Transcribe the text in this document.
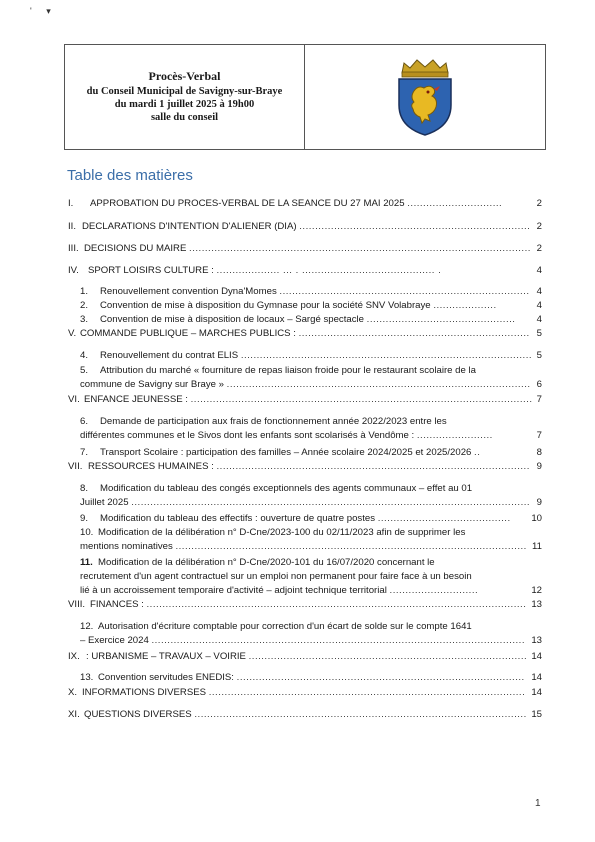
' ▾
Procès-Verbal
du Conseil Municipal de Savigny-sur-Braye
du mardi 1 juillet 2025 à 19h00
salle du conseil
Table des matières
I. APPROBATION DU PROCES-VERBAL DE LA SEANCE DU 27 MAI 2025 ..............................	2
II. DECLARATIONS D'INTENTION D'ALIENER (DIA) ......................................................................... 2
III. DECISIONS DU MAIRE ............................................................................................................ 2
IV. SPORT LOISIRS CULTURE : .................... ... . .......................................... .	4
1. Renouvellement convention Dyna'Momes ............................................................................... 4
2. Convention de mise à disposition du Gymnase pour la société SNV Volabraye ....................	4
3. Convention de mise à disposition de locaux – Sargé spectacle ............................................... 4
V. COMMANDE PUBLIQUE – MARCHES PUBLICS : ......................................................................... 5
4. Renouvellement du contrat ELIS ............................................................................................ 5
5. Attribution du marché « fourniture de repas liaison froide pour le restaurant scolaire de la
commune de Savigny sur Braye » ................................................................................................ 6
VI. ENFANCE JEUNESSE : ............................................................................................................ 7
6. Demande de participation aux frais de fonctionnement année 2022/2023 entre les
différentes communes et le Sivos dont les enfants sont scolarisés à Vendôme : ........................	7
7. Transport Scolaire : participation des familles – Année scolaire 2024/2025 et 2025/2026 ..	8
VII. RESSOURCES HUMAINES : ................................................................................................... 9
8. Modification du tableau des congés exceptionnels des agents communaux – effet au 01
Juillet 2025 .............................................................................................................................. 9
9. Modification du tableau des effectifs : ouverture de quatre postes .......................................... 10
10. Modification de la délibération n° D-Cne/2023-100 du 02/11/2023 afin de supprimer les
mentions nominatives ............................................................................................................... 11
11. Modification de la délibération n° D-Cne/2020-101 du 16/07/2020 concernant le
recrutement d'un agent contractuel sur un emploi non permanent pour faire face à un besoin
lié à un accroissement temporaire d'activité – adjoint technique territorial ............................	12
VIII. FINANCES : ........................................................................................................................ 13
12. Autorisation d'écriture comptable pour correction d'un écart de solde sur le compte 1641
– Exercice 2024 ...................................................................................................................... 13
IX. : URBANISME – TRAVAUX – VOIRIE ........................................................................................ 14
13. Convention servitudes ENEDIS: ........................................................................................... 14
X. INFORMATIONS DIVERSES .................................................................................................... 14
XI. QUESTIONS DIVERSES ......................................................................................................... 15
1
